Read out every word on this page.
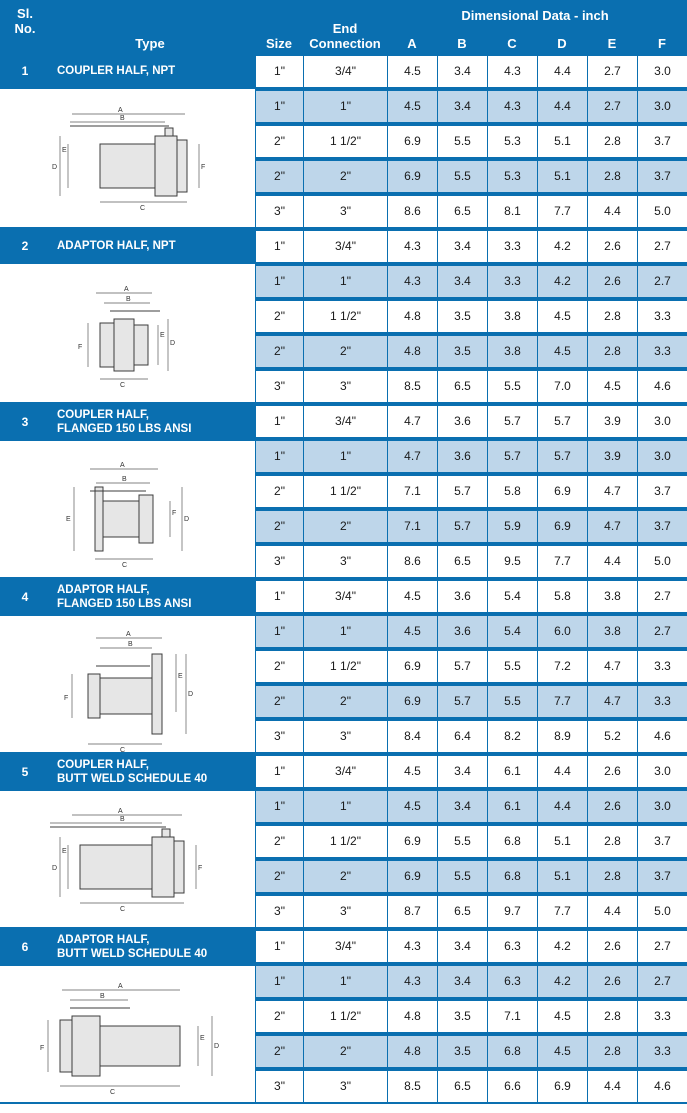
Sl.
No.
Type	Size
End
Connection
Dimensional Data - inch
A	B	C	D	E	F
1	COUPLER HALF, NPT
A
B
C
D
E
F
1"	3/4"	4.5	3.4	4.3	4.4	2.7	3.0
1"	1"	4.5	3.4	4.3	4.4	2.7	3.0
2"	1 1/2"	6.9	5.5	5.3	5.1	2.8	3.7
2"	2"	6.9	5.5	5.3	5.1	2.8	3.7
3"	3"	8.6	6.5	8.1	7.7	4.4	5.0
2	ADAPTOR HALF, NPT
A
B
C
D
E
F
1"	3/4"	4.3	3.4	3.3	4.2	2.6	2.7
1"	1"	4.3	3.4	3.3	4.2	2.6	2.7
2"	1 1/2"	4.8	3.5	3.8	4.5	2.8	3.3
2"	2"	4.8	3.5	3.8	4.5	2.8	3.3
3"	3"	8.5	6.5	5.5	7.0	4.5	4.6
3	COUPLER HALF,
FLANGED 150 LBS ANSI
A
B
C
E	D
F
1"	3/4"	4.7	3.6	5.7	5.7	3.9	3.0
1"	1"	4.7	3.6	5.7	5.7	3.9	3.0
2"	1 1/2"	7.1	5.7	5.8	6.9	4.7	3.7
2"	2"	7.1	5.7	5.9	6.9	4.7	3.7
3"	3"	8.6	6.5	9.5	7.7	4.4	5.0
4	ADAPTOR HALF,
FLANGED 150 LBS ANSI
A
B
C
D
E
F
1"	3/4"	4.5	3.6	5.4	5.8	3.8	2.7
1"	1"	4.5	3.6	5.4	6.0	3.8	2.7
2"	1 1/2"	6.9	5.7	5.5	7.2	4.7	3.3
2"	2"	6.9	5.7	5.5	7.7	4.7	3.3
3"	3"	8.4	6.4	8.2	8.9	5.2	4.6
5	COUPLER HALF,
BUTT WELD SCHEDULE 40
A
B
C
D
E
F
1"	3/4"	4.5	3.4	6.1	4.4	2.6	3.0
1"	1"	4.5	3.4	6.1	4.4	2.6	3.0
2"	1 1/2"	6.9	5.5	6.8	5.1	2.8	3.7
2"	2"	6.9	5.5	6.8	5.1	2.8	3.7
3"	3"	8.7	6.5	9.7	7.7	4.4	5.0
6	ADAPTOR HALF,
BUTT WELD SCHEDULE 40
A
B
C
D
E
F
1"	3/4"	4.3	3.4	6.3	4.2	2.6	2.7
1"	1"	4.3	3.4	6.3	4.2	2.6	2.7
2"	1 1/2"	4.8	3.5	7.1	4.5	2.8	3.3
2"	2"	4.8	3.5	6.8	4.5	2.8	3.3
3"	3"	8.5	6.5	6.6	6.9	4.4	4.6
